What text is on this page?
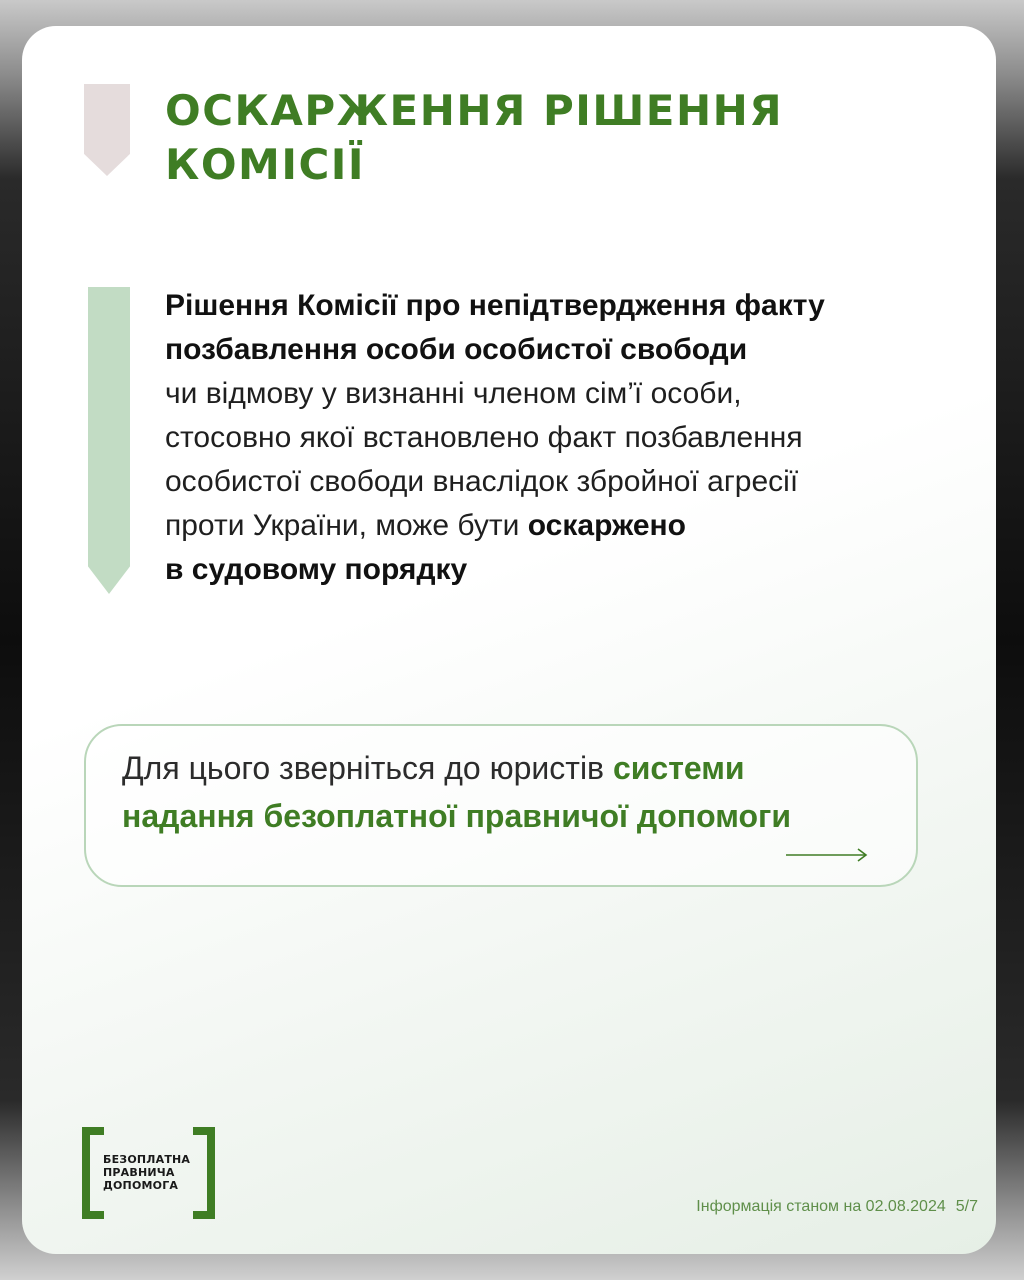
ОСКАРЖЕННЯ РІШЕННЯ
КОМІСІЇ

Рішення Комісії про непідтвердження факту
позбавлення особи особистої свободи
чи відмову у визнанні членом сім’ї особи,
стосовно якої встановлено факт позбавлення
особистої свободи внаслідок збройної агресії
проти України, може бути оскаржено
в судовому порядку

Для цього зверніться до юристів системи
надання безоплатної правничої допомоги

БЕЗОПЛАТНА
ПРАВНИЧА
ДОПОМОГА
Інформація станом на 02.08.2024 5/7
